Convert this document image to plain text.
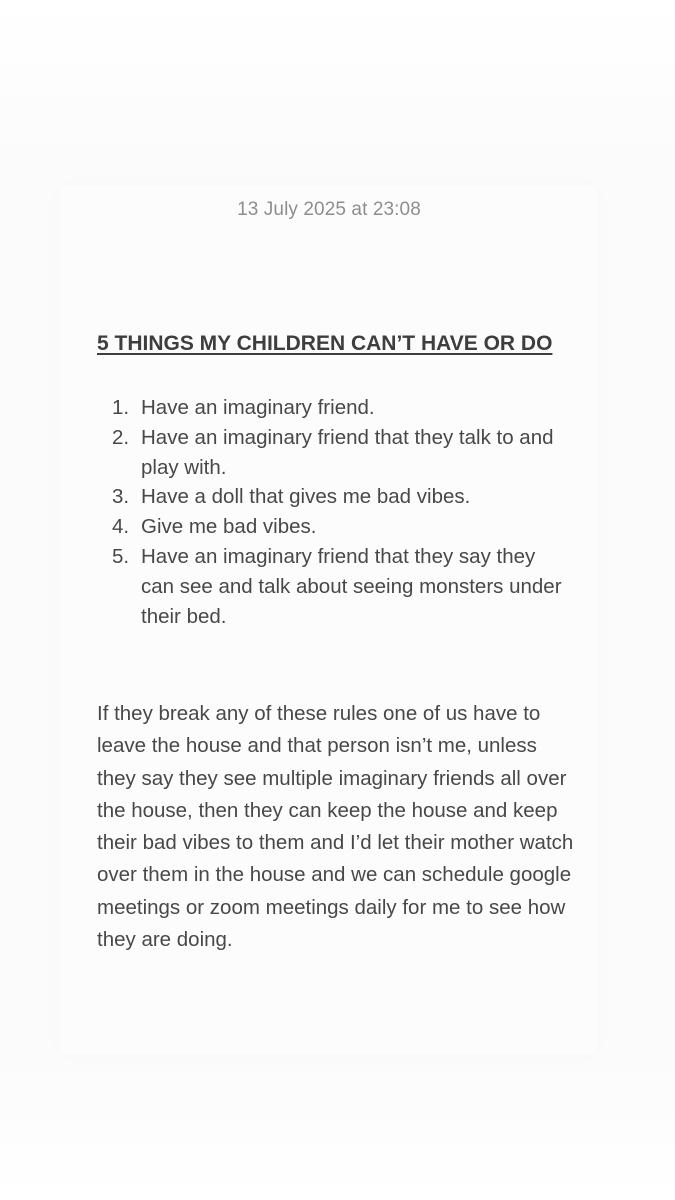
13 July 2025 at 23:08
5 THINGS MY CHILDREN CAN’T HAVE OR DO
1. Have an imaginary friend.
2. Have an imaginary friend that they talk to and play with.
3. Have a doll that gives me bad vibes.
4. Give me bad vibes.
5. Have an imaginary friend that they say they can see and talk about seeing monsters under their bed.

If they break any of these rules one of us have to leave the house and that person isn’t me, unless they say they see multiple imaginary friends all over the house, then they can keep the house and keep their bad vibes to them and I’d let their mother watch over them in the house and we can schedule google meetings or zoom meetings daily for me to see how they are doing.
